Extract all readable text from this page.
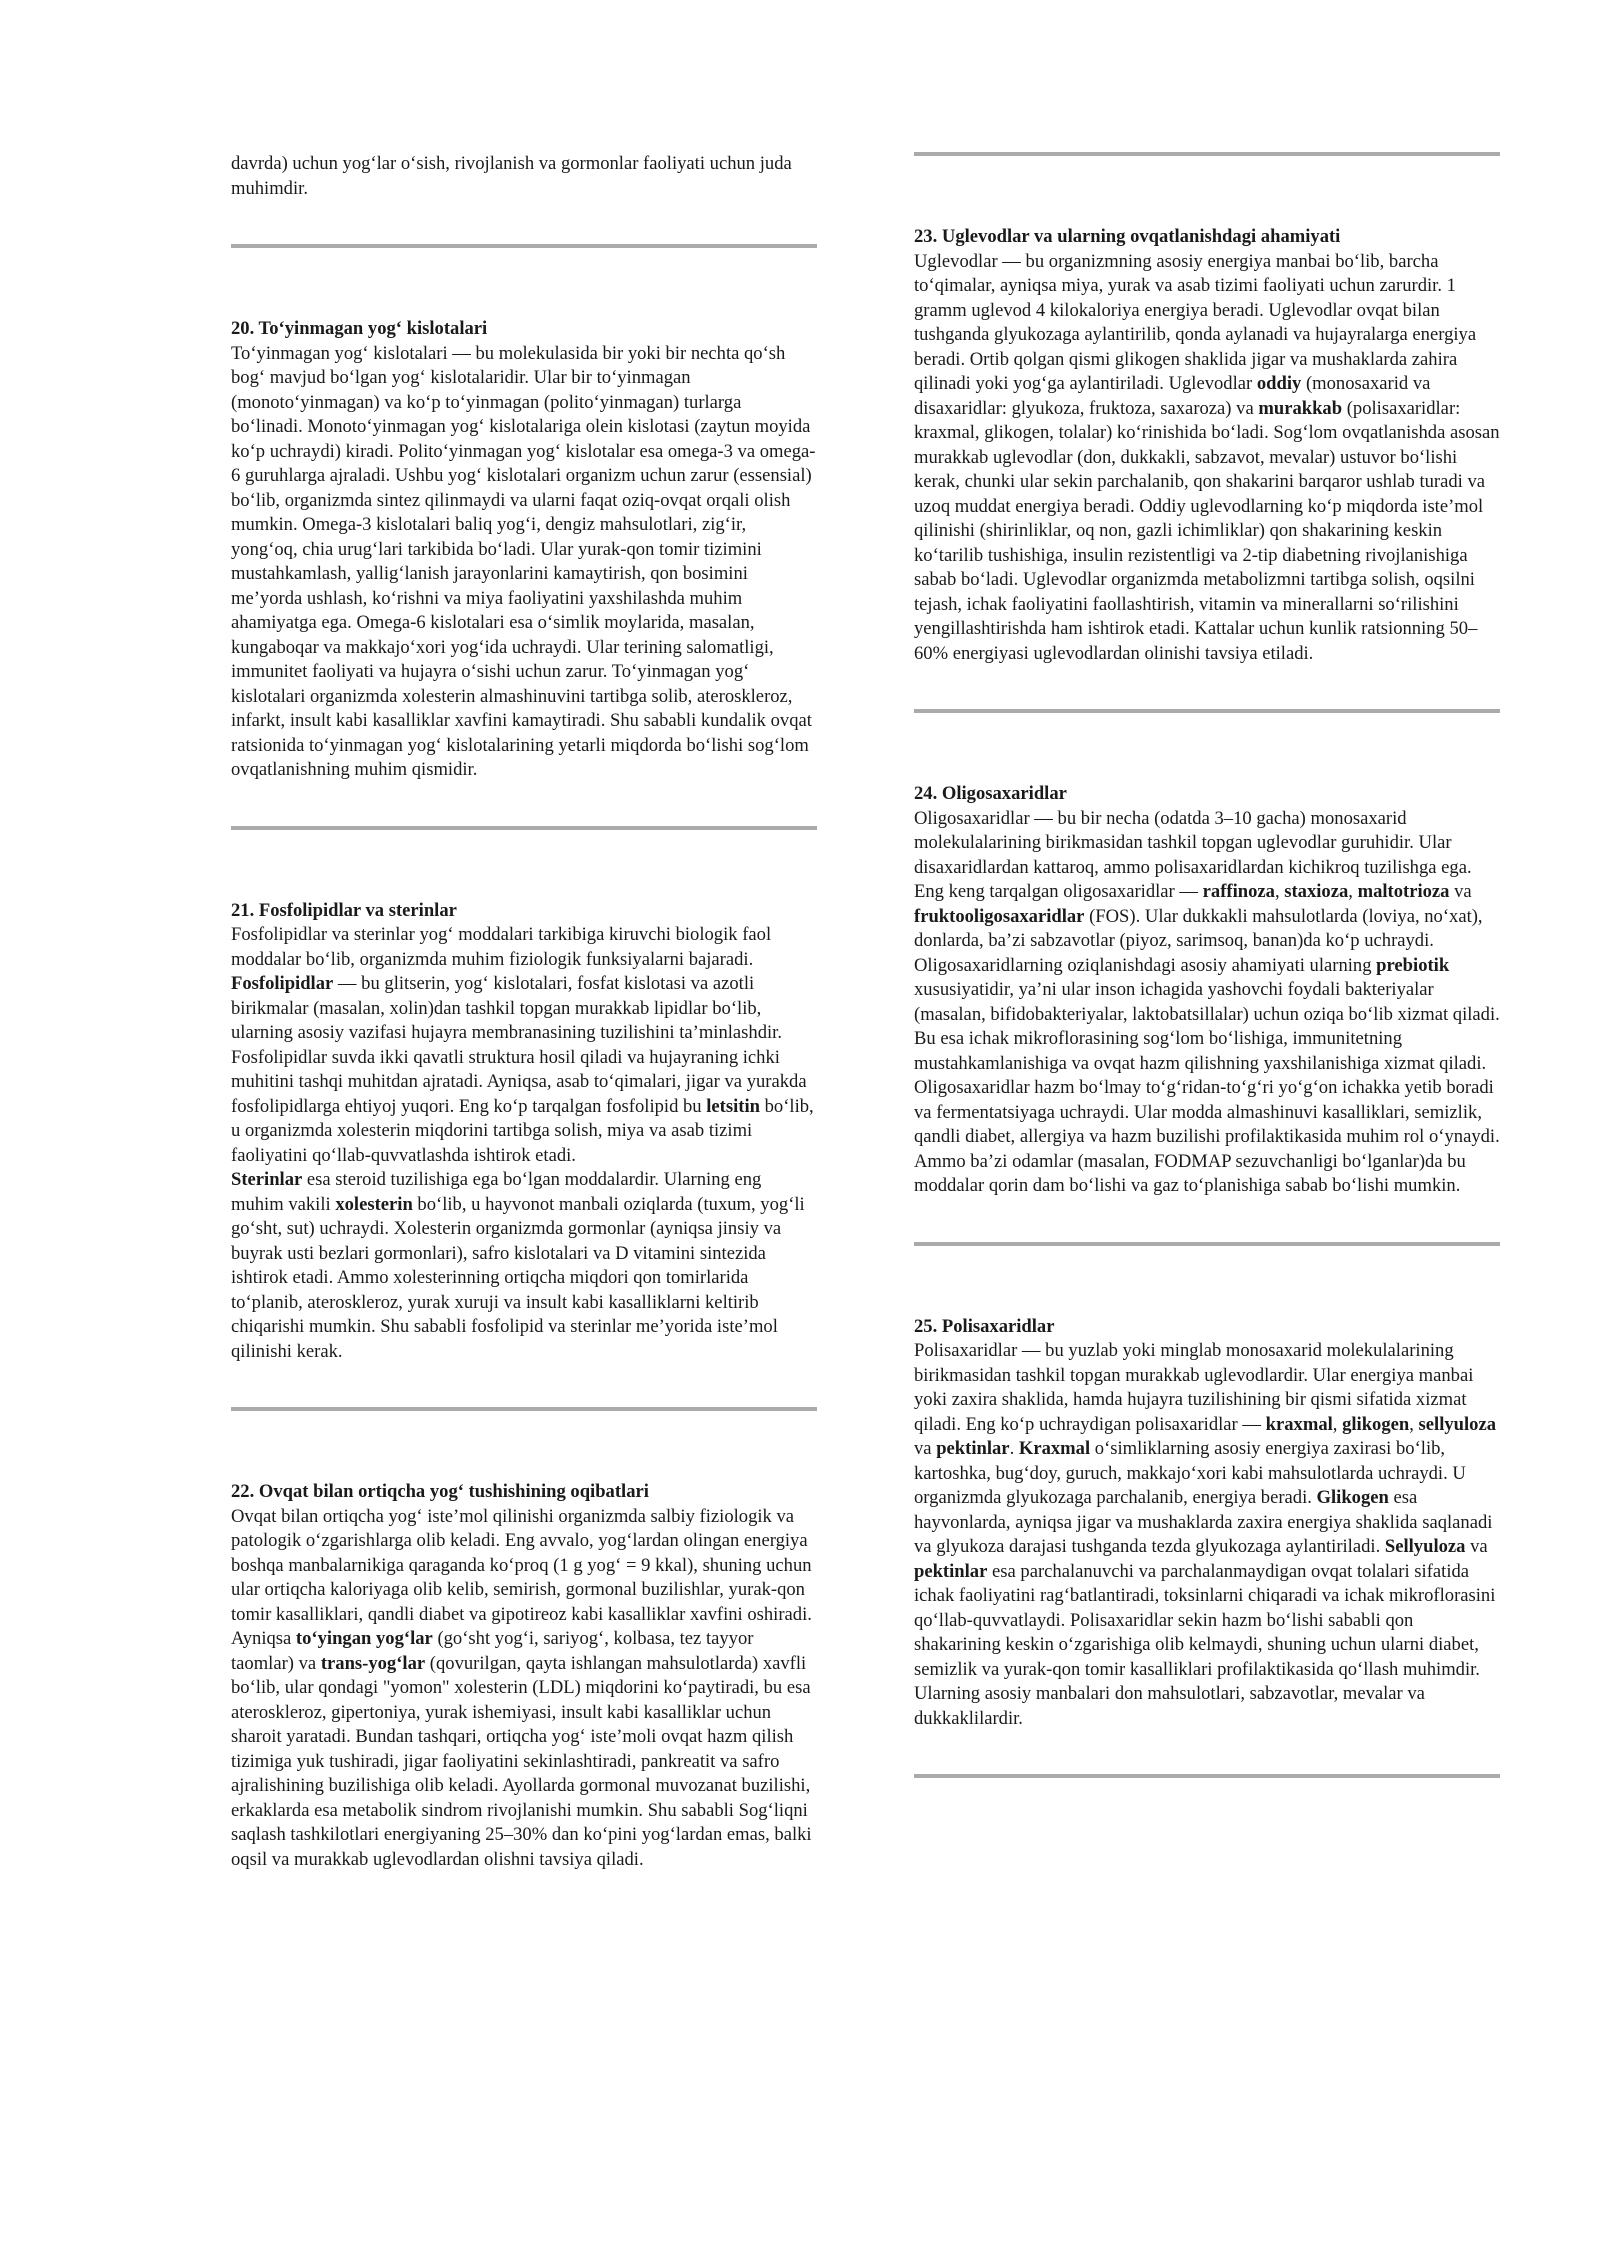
davrda) uchun yog‘lar o‘sish, rivojlanish va gormonlar faoliyati uchun juda muhimdir.

20. To‘yinmagan yog‘ kislotalari

To‘yinmagan yog‘ kislotalari — bu molekulasida bir yoki bir nechta qo‘sh bog‘ mavjud bo‘lgan yog‘ kislotalaridir. Ular bir to‘yinmagan (monoto‘yinmagan) va ko‘p to‘yinmagan (polito‘yinmagan) turlarga bo‘linadi. Monoto‘yinmagan yog‘ kislotalariga olein kislotasi (zaytun moyida ko‘p uchraydi) kiradi. Polito‘yinmagan yog‘ kislotalar esa omega-3 va omega-6 guruhlarga ajraladi. Ushbu yog‘ kislotalari organizm uchun zarur (essensial) bo‘lib, organizmda sintez qilinmaydi va ularni faqat oziq-ovqat orqali olish mumkin. Omega-3 kislotalari baliq yog‘i, dengiz mahsulotlari, zig‘ir, yong‘oq, chia urug‘lari tarkibida bo‘ladi. Ular yurak-qon tomir tizimini mustahkamlash, yallig‘lanish jarayonlarini kamaytirish, qon bosimini me’yorda ushlash, ko‘rishni va miya faoliyatini yaxshilashda muhim ahamiyatga ega. Omega-6 kislotalari esa o‘simlik moylarida, masalan, kungaboqar va makkajo‘xori yog‘ida uchraydi. Ular terining salomatligi, immunitet faoliyati va hujayra o‘sishi uchun zarur. To‘yinmagan yog‘ kislotalari organizmda xolesterin almashinuvini tartibga solib, ateroskleroz, infarkt, insult kabi kasalliklar xavfini kamaytiradi. Shu sababli kundalik ovqat ratsionida to‘yinmagan yog‘ kislotalarining yetarli miqdorda bo‘lishi sog‘lom ovqatlanishning muhim qismidir.

21. Fosfolipidlar va sterinlar

Fosfolipidlar va sterinlar yog‘ moddalari tarkibiga kiruvchi biologik faol moddalar bo‘lib, organizmda muhim fiziologik funksiyalarni bajaradi. Fosfolipidlar — bu glitserin, yog‘ kislotalari, fosfat kislotasi va azotli birikmalar (masalan, xolin)dan tashkil topgan murakkab lipidlar bo‘lib, ularning asosiy vazifasi hujayra membranasining tuzilishini ta’minlashdir. Fosfolipidlar suvda ikki qavatli struktura hosil qiladi va hujayraning ichki muhitini tashqi muhitdan ajratadi. Ayniqsa, asab to‘qimalari, jigar va yurakda fosfolipidlarga ehtiyoj yuqori. Eng ko‘p tarqalgan fosfolipid bu letsitin bo‘lib, u organizmda xolesterin miqdorini tartibga solish, miya va asab tizimi faoliyatini qo‘llab-quvvatlashda ishtirok etadi.

Sterinlar esa steroid tuzilishiga ega bo‘lgan moddalardir. Ularning eng muhim vakili xolesterin bo‘lib, u hayvonot manbali oziqlarda (tuxum, yog‘li go‘sht, sut) uchraydi. Xolesterin organizmda gormonlar (ayniqsa jinsiy va buyrak usti bezlari gormonlari), safro kislotalari va D vitamini sintezida ishtirok etadi. Ammo xolesterinning ortiqcha miqdori qon tomirlarida to‘planib, ateroskleroz, yurak xuruji va insult kabi kasalliklarni keltirib chiqarishi mumkin. Shu sababli fosfolipid va sterinlar me’yorida iste’mol qilinishi kerak.

22. Ovqat bilan ortiqcha yog‘ tushishining oqibatlari

Ovqat bilan ortiqcha yog‘ iste’mol qilinishi organizmda salbiy fiziologik va patologik o‘zgarishlarga olib keladi. Eng avvalo, yog‘lardan olingan energiya boshqa manbalarnikiga qaraganda ko‘proq (1 g yog‘ = 9 kkal), shuning uchun ular ortiqcha kaloriyaga olib kelib, semirish, gormonal buzilishlar, yurak-qon tomir kasalliklari, qandli diabet va gipotireoz kabi kasalliklar xavfini oshiradi. Ayniqsa to‘yingan yog‘lar (go‘sht yog‘i, sariyog‘, kolbasa, tez tayyor taomlar) va trans-yog‘lar (qovurilgan, qayta ishlangan mahsulotlarda) xavfli bo‘lib, ular qondagi "yomon" xolesterin (LDL) miqdorini ko‘paytiradi, bu esa ateroskleroz, gipertoniya, yurak ishemiyasi, insult kabi kasalliklar uchun sharoit yaratadi. Bundan tashqari, ortiqcha yog‘ iste’moli ovqat hazm qilish tizimiga yuk tushiradi, jigar faoliyatini sekinlashtiradi, pankreatit va safro ajralishining buzilishiga olib keladi. Ayollarda gormonal muvozanat buzilishi, erkaklarda esa metabolik sindrom rivojlanishi mumkin. Shu sababli Sog‘liqni saqlash tashkilotlari energiyaning 25–30% dan ko‘pini yog‘lardan emas, balki oqsil va murakkab uglevodlardan olishni tavsiya qiladi.

23. Uglevodlar va ularning ovqatlanishdagi ahamiyati

Uglevodlar — bu organizmning asosiy energiya manbai bo‘lib, barcha to‘qimalar, ayniqsa miya, yurak va asab tizimi faoliyati uchun zarurdir. 1 gramm uglevod 4 kilokaloriya energiya beradi. Uglevodlar ovqat bilan tushganda glyukozaga aylantirilib, qonda aylanadi va hujayralarga energiya beradi. Ortib qolgan qismi glikogen shaklida jigar va mushaklarda zahira qilinadi yoki yog‘ga aylantiriladi. Uglevodlar oddiy (monosaxarid va disaxaridlar: glyukoza, fruktoza, saxaroza) va murakkab (polisaxaridlar: kraxmal, glikogen, tolalar) ko‘rinishida bo‘ladi. Sog‘lom ovqatlanishda asosan murakkab uglevodlar (don, dukkakli, sabzavot, mevalar) ustuvor bo‘lishi kerak, chunki ular sekin parchalanib, qon shakarini barqaror ushlab turadi va uzoq muddat energiya beradi. Oddiy uglevodlarning ko‘p miqdorda iste’mol qilinishi (shirinliklar, oq non, gazli ichimliklar) qon shakarining keskin ko‘tarilib tushishiga, insulin rezistentligi va 2-tip diabetning rivojlanishiga sabab bo‘ladi. Uglevodlar organizmda metabolizmni tartibga solish, oqsilni tejash, ichak faoliyatini faollashtirish, vitamin va minerallarni so‘rilishini yengillashtirishda ham ishtirok etadi. Kattalar uchun kunlik ratsionning 50–60% energiyasi uglevodlardan olinishi tavsiya etiladi.

24. Oligosaxaridlar

Oligosaxaridlar — bu bir necha (odatda 3–10 gacha) monosaxarid molekulalarining birikmasidan tashkil topgan uglevodlar guruhidir. Ular disaxaridlardan kattaroq, ammo polisaxaridlardan kichikroq tuzilishga ega. Eng keng tarqalgan oligosaxaridlar — raffinoza, staxioza, maltotrioza va fruktooligosaxaridlar (FOS). Ular dukkakli mahsulotlarda (loviya, no‘xat), donlarda, ba’zi sabzavotlar (piyoz, sarimsoq, banan)da ko‘p uchraydi. Oligosaxaridlarning oziqlanishdagi asosiy ahamiyati ularning prebiotik xususiyatidir, ya’ni ular inson ichagida yashovchi foydali bakteriyalar (masalan, bifidobakteriyalar, laktobatsillalar) uchun oziqa bo‘lib xizmat qiladi. Bu esa ichak mikroflorasining sog‘lom bo‘lishiga, immunitetning mustahkamlanishiga va ovqat hazm qilishning yaxshilanishiga xizmat qiladi. Oligosaxaridlar hazm bo‘lmay to‘g‘ridan-to‘g‘ri yo‘g‘on ichakka yetib boradi va fermentatsiyaga uchraydi. Ular modda almashinuvi kasalliklari, semizlik, qandli diabet, allergiya va hazm buzilishi profilaktikasida muhim rol o‘ynaydi. Ammo ba’zi odamlar (masalan, FODMAP sezuvchanligi bo‘lganlar)da bu moddalar qorin dam bo‘lishi va gaz to‘planishiga sabab bo‘lishi mumkin.

25. Polisaxaridlar

Polisaxaridlar — bu yuzlab yoki minglab monosaxarid molekulalarining birikmasidan tashkil topgan murakkab uglevodlardir. Ular energiya manbai yoki zaxira shaklida, hamda hujayra tuzilishining bir qismi sifatida xizmat qiladi. Eng ko‘p uchraydigan polisaxaridlar — kraxmal, glikogen, sellyuloza va pektinlar. Kraxmal o‘simliklarning asosiy energiya zaxirasi bo‘lib, kartoshka, bug‘doy, guruch, makkajo‘xori kabi mahsulotlarda uchraydi. U organizmda glyukozaga parchalanib, energiya beradi. Glikogen esa hayvonlarda, ayniqsa jigar va mushaklarda zaxira energiya shaklida saqlanadi va glyukoza darajasi tushganda tezda glyukozaga aylantiriladi. Sellyuloza va pektinlar esa parchalanuvchi va parchalanmaydigan ovqat tolalari sifatida ichak faoliyatini rag‘batlantiradi, toksinlarni chiqaradi va ichak mikroflorasini qo‘llab-quvvatlaydi. Polisaxaridlar sekin hazm bo‘lishi sababli qon shakarining keskin o‘zgarishiga olib kelmaydi, shuning uchun ularni diabet, semizlik va yurak-qon tomir kasalliklari profilaktikasida qo‘llash muhimdir. Ularning asosiy manbalari don mahsulotlari, sabzavotlar, mevalar va dukkaklilardir.
